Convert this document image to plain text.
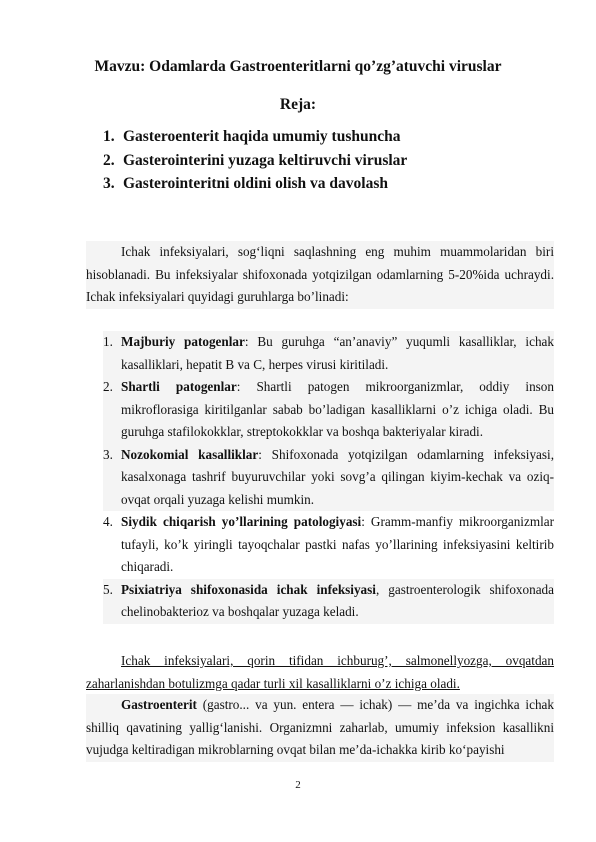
Mavzu: Odamlarda Gastroenteritlarni qo’zg’atuvchi viruslar
Reja:
1. Gasteroenterit haqida umumiy tushuncha
2. Gasterointerini yuzaga keltiruvchi viruslar
3. Gasterointeritni oldini olish va davolash

Ichak infeksiyalari, sog‘liqni saqlashning eng muhim muammolaridan biri hisoblanadi. Bu infeksiyalar shifoxonada yotqizilgan odamlarning 5-20%ida uchraydi. Ichak infeksiyalari quyidagi guruhlarga bo’linadi:

1. Majburiy patogenlar: Bu guruhga “an’anaviy” yuqumli kasalliklar, ichak kasalliklari, hepatit B va C, herpes virusi kiritiladi.
2. Shartli patogenlar: Shartli patogen mikroorganizmlar, oddiy inson mikroflorasiga kiritilganlar sabab bo’ladigan kasalliklarni o’z ichiga oladi. Bu guruhga stafilokokklar, streptokokklar va boshqa bakteriyalar kiradi.
3. Nozokomial kasalliklar: Shifoxonada yotqizilgan odamlarning infeksiyasi, kasalxonaga tashrif buyuruvchilar yoki sovg’a qilingan kiyim-kechak va oziq-ovqat orqali yuzaga kelishi mumkin.
4. Siydik chiqarish yo’llarining patologiyasi: Gramm-manfiy mikroorganizmlar tufayli, ko’k yiringli tayoqchalar pastki nafas yo’llarining infeksiyasini keltirib chiqaradi.
5. Psixiatriya shifoxonasida ichak infeksiyasi, gastroenterologik shifoxonada chelinobakterioz va boshqalar yuzaga keladi.

Ichak infeksiyalari, qorin tifidan ichburug’, salmonellyozga, ovqatdan zaharlanishdan botulizmga qadar turli xil kasalliklarni o’z ichiga oladi.

Gastroenterit (gastro... va yun. entera — ichak) — me’da va ingichka ichak shilliq qavatining yallig‘lanishi. Organizmni zaharlab, umumiy infeksion kasallikni vujudga keltiradigan mikroblarning ovqat bilan me’da-ichakka kirib ko‘payishi

2
